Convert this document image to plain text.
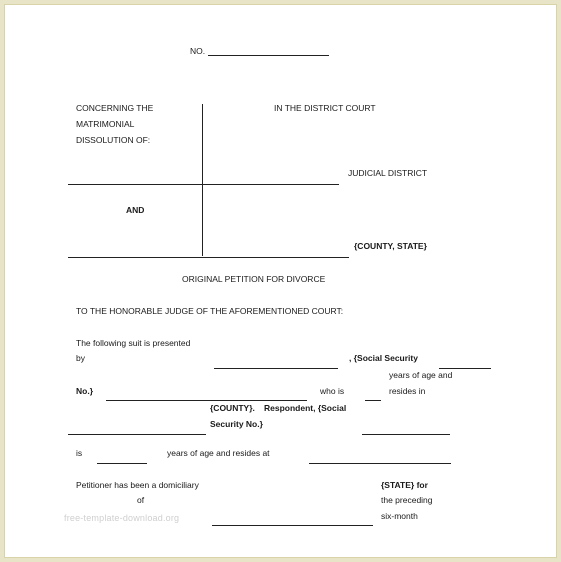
NO.
CONCERNING THE
MATRIMONIAL
DISSOLUTION OF:
AND
IN THE DISTRICT COURT
JUDICIAL DISTRICT
{COUNTY, STATE}
ORIGINAL PETITION FOR DIVORCE
TO THE HONORABLE JUDGE OF THE AFOREMENTIONED COURT:
The following suit is presented
by	, {Social Security
years of age and
No.}	who is	resides in
{COUNTY}. Respondent, {Social
Security No.}
is	years of age and resides at
Petitioner has been a domiciliary
of
{STATE} for
the preceding
six-month
free-template-download.org
